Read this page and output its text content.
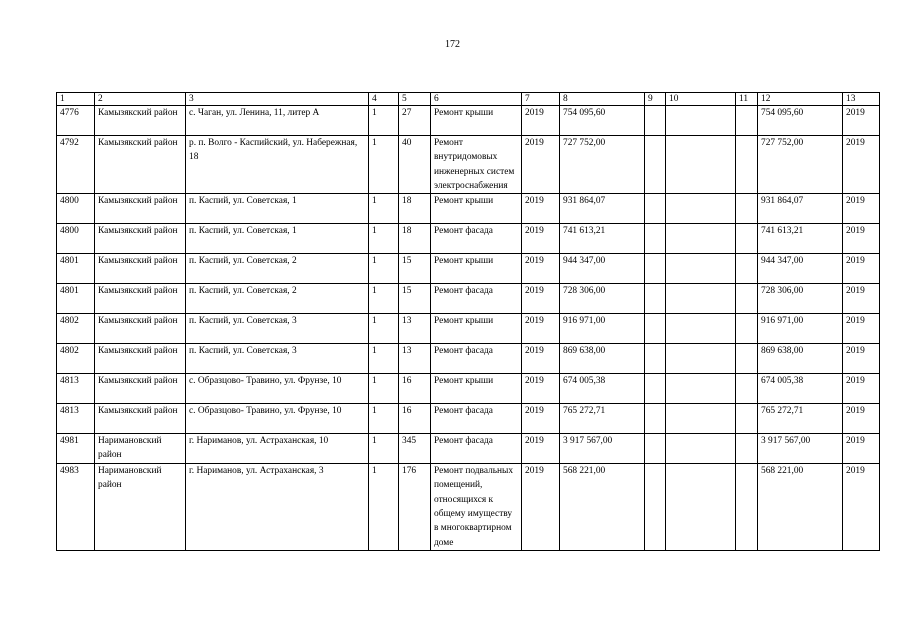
172
1	2	3	4	5	6	7	8	9	10	11	12	13
4776	Камызякский район	с. Чаган, ул. Ленина, 11, литер А	1	27	Ремонт крыши	2019	754 095,60				754 095,60	2019
4792	Камызякский район	р. п. Волго - Каспийский, ул. Набережная, 18	1	40	Ремонт внутридомовых инженерных систем электроснабжения	2019	727 752,00				727 752,00	2019
4800	Камызякский район	п. Каспий, ул. Советская, 1	1	18	Ремонт крыши	2019	931 864,07				931 864,07	2019
4800	Камызякский район	п. Каспий, ул. Советская, 1	1	18	Ремонт фасада	2019	741 613,21				741 613,21	2019
4801	Камызякский район	п. Каспий, ул. Советская, 2	1	15	Ремонт крыши	2019	944 347,00				944 347,00	2019
4801	Камызякский район	п. Каспий, ул. Советская, 2	1	15	Ремонт фасада	2019	728 306,00				728 306,00	2019
4802	Камызякский район	п. Каспий, ул. Советская, 3	1	13	Ремонт крыши	2019	916 971,00				916 971,00	2019
4802	Камызякский район	п. Каспий, ул. Советская, 3	1	13	Ремонт фасада	2019	869 638,00				869 638,00	2019
4813	Камызякский район	с. Образцово- Травино, ул. Фрунзе, 10	1	16	Ремонт крыши	2019	674 005,38				674 005,38	2019
4813	Камызякский район	с. Образцово- Травино, ул. Фрунзе, 10	1	16	Ремонт фасада	2019	765 272,71				765 272,71	2019
4981	Наримановский район	г. Нариманов, ул. Астраханская, 10	1	345	Ремонт фасада	2019	3 917 567,00				3 917 567,00	2019
4983	Наримановский район	г. Нариманов, ул. Астраханская, 3	1	176	Ремонт подвальных помещений, относящихся к общему имуществу в многоквартирном доме	2019	568 221,00				568 221,00	2019
